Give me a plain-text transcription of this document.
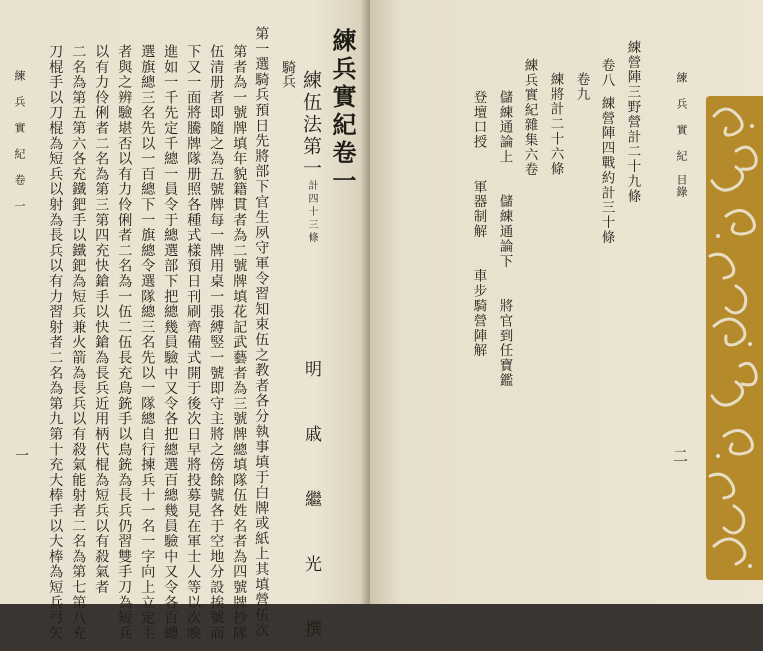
練兵實紀卷一
練伍法第一計四十三條
騎兵
明 戚 繼 光 撰
第一選騎兵預日先將部下官生夙守軍令習知束伍之教者各分執事填于白牌或紙上其填營伍次
第者為一號牌填年貌籍貫者為二號牌填花記武藝者為三號牌總填隊伍姓名者為四號牌抄隊
伍清册者即隨之為五號牌每一牌用桌一張縛竪一號即守主將之傍餘號各于空地分設挨號而
下又一面將騰牌隊册照各種式樣預日刊刷齊備式開于後次日早將投募見在軍士人等以次喚
進如一千先定千總一員令于總選部下把總幾員驗中又令各把總選百總幾員驗中又令各百總
選旗總三名先以一百總下一旗總令選隊總三名先以一隊總自行揀兵十一名一字向上立定主
者與之辨驗堪否以有力伶俐者二名為一伍二伍長充鳥銃手以鳥銃為長兵仍習雙手刀為短兵
以有力伶俐者二名為第三第四充快鎗手以快鎗為長兵近用柄代棍為短兵以有殺氣者
二名為第五第六各充鐵鈀手以鐵鈀為短兵兼火箭為長兵以有殺氣能射者二名為第七第八充
刀棍手以刀棍為短兵以射為長兵以有力習射者二名為第九第十充大棒手以大棒為短兵弓矢
練 兵 實 紀 卷 一
一
練 兵 實 紀　目錄
二
練營陣三野營計二十九條
卷八
練營陣四戰約計三十條
卷九
練將計二十六條
練兵實紀雜集六卷
儲練通論上　　儲練通論下　　將官到任寶鑑
登壇口授　　軍器制解　　車步騎營陣解
